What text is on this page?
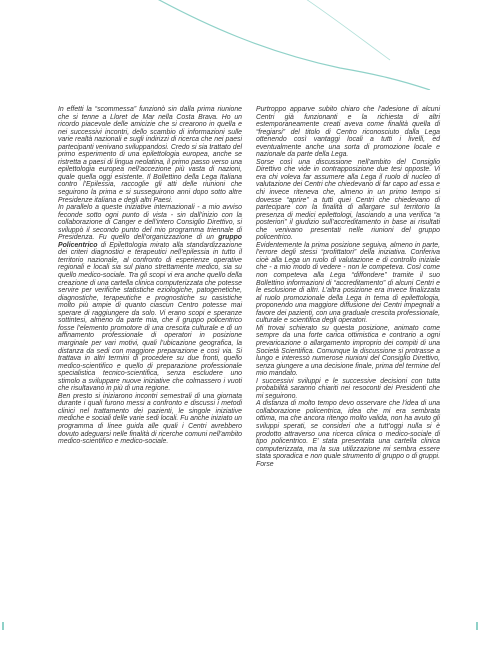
In effetti la “scommessa” funzionò sin dalla prima riunione che si tenne a Lloret de Mar nella Costa Brava. Ho un ricordo piacevole delle amicizie che si crearono in quella e nei successivi incontri, dello scambio di informazioni sulle varie realtà nazionali e sugli indirizzi di ricerca che nei paesi partecipanti venivano sviluppandosi. Credo si sia trattato del primo esperimento di una epilettologia europea, anche se ristretta a paesi di lingua neolatina, il primo passo verso una epilettologia europea nell’accezione più vasta di nazioni, quale quella oggi esistente. Il Bollettino della Lega Italiana contro l’Epilessia, raccoglie gli atti delle riunioni che seguirono la prima e si susseguirono anni dopo sotto altre Presidenze italiana e degli altri Paesi.

In parallelo a queste iniziative internazionali - a mio avviso feconde sotto ogni punto di vista - sin dall’inizio con la collaborazione di Canger e dell’intero Consiglio Direttivo, si sviluppò il secondo punto del mio programma triennale di Presidenza. Fu quello dell’organizzazione di un gruppo Policentrico di Epilettologia mirato alla standardizzazione dei criteri diagnostici e terapeutici nell’epilessia in tutto il territorio nazionale, al confronto di esperienze operative regionali e locali sia sul piano strettamente medico, sia su quello medico-sociale. Tra gli scopi vi era anche quello della creazione di una cartella clinica computerizzata che potesse servire per verifiche statistiche eziologiche, patogenetiche, diagnostiche, terapeutiche e prognostiche su casistiche molto più ampie di quanto ciascun Centro potesse mai sperare di raggiungere da solo. Vi erano scopi e speranze sottintesi, almeno da parte mia, che il gruppo policentrico fosse l’elemento promotore di una crescita culturale e di un affinamento professionale di operatori in posizione marginale per vari motivi, quali l’ubicazione geografica, la distanza da sedi con maggiore preparazione e così via. Si trattava in altri termini di procedere su due fronti, quello medico-scientifico e quello di preparazione professionale specialistica tecnico-scientifica, senza escludere uno stimolo a sviluppare nuove iniziative che colmassero i vuoti che risultavano in più di una regione.

Ben presto si iniziarono incontri semestrali di una giornata durante i quali furono messi a confronto e discussi i metodi clinici nel trattamento dei pazienti, le singole iniziative mediche e sociali delle varie sedi locali. Fu anche iniziato un programma di linee guida alle quali i Centri avrebbero dovuto adeguarsi nelle finalità di ricerche comuni nell’ambito medico-scientifico e medico-sociale.

Purtroppo apparve subito chiaro che l’adesione di alcuni Centri già funzionanti e la richiesta di altri estemporaneamente creati aveva come finalità quella di “fregiarsi” del titolo di Centro riconosciuto dalla Lega ottenendo così vantaggi locali a tutti i livelli, ed eventualmente anche una sorta di promozione locale e nazionale da parte della Lega.

Sorse così una discussione nell’ambito del Consiglio Direttivo che vide in contrapposizione due tesi opposte. Vi era chi voleva far assumere alla Lega il ruolo di nucleo di valutazione dei Centri che chiedevano di far capo ad essa e chi invece riteneva che, almeno in un primo tempo si dovesse “aprire” a tutti quei Centri che chiedevano di partecipare con la finalità di allargare sul territorio la presenza di medici epilettologi, lasciando a una verifica “a posteriori” il giudizio sull’accreditamento in base ai risultati che venivano presentati nelle riunioni del gruppo policentrico.

Evidentemente la prima posizione seguiva, almeno in parte, l’errore degli stessi “profittatori” della iniziativa. Conferiva cioè alla Lega un ruolo di valutazione e di controllo iniziale che - a mio modo di vedere - non le competeva. Così come non competeva alla Lega “diffondere” tramite il suo Bollettino informazioni di “accreditamento” di alcuni Centri e le esclusione di altri. L’altra posizione era invece finalizzata al ruolo promozionale della Lega in tema di epilettologia, proponendo una maggiore diffusione dei Centri impegnati a favore dei pazienti, con una graduale crescita professionale, culturale e scientifica degli operatori.

Mi trovai schierato su questa posizione, animato come sempre da una forte carica ottimistica e contrario a ogni prevaricazione o allargamento improprio dei compiti di una Società Scientifica. Comunque la discussione si protrasse a lungo e interessò numerose riunioni del Consiglio Direttivo, senza giungere a una decisione finale, prima del termine del mio mandato.

I successivi sviluppi e le successive decisioni con tutta probabilità saranno chiariti nei resoconti dei Presidenti che mi seguirono.

A distanza di molto tempo devo osservare che l’idea di una collaborazione policentrica, idea che mi era sembrata ottima, ma che ancora ritengo molto valida, non ha avuto gli sviluppi sperati, se consideri che a tutt’oggi nulla si è prodotto attraverso una ricerca clinica o medico-sociale di tipo policentrico. E’ stata presentata una cartella clinica computerizzata, ma la sua utilizzazione mi sembra essere stata sporadica e non quale strumento di gruppo o di gruppi. Forse
